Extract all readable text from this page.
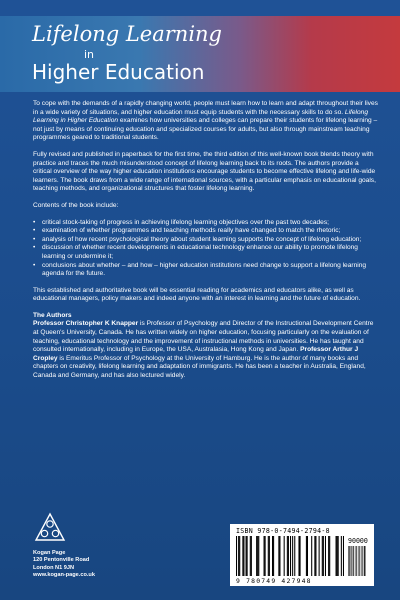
Lifelong Learning
in
Higher Education

To cope with the demands of a rapidly changing world, people must learn how to learn and adapt throughout their lives in a wide variety of situations, and higher education must equip students with the necessary skills to do so. Lifelong Learning in Higher Education examines how universities and colleges can prepare their students for lifelong learning – not just by means of continuing education and specialized courses for adults, but also through mainstream teaching programmes geared to traditional students.

Fully revised and published in paperback for the first time, the third edition of this well-known book blends theory with practice and traces the much misunderstood concept of lifelong learning back to its roots. The authors provide a critical overview of the way higher education institutions encourage students to become effective lifelong and life-wide learners. The book draws from a wide range of international sources, with a particular emphasis on educational goals, teaching methods, and organizational structures that foster lifelong learning.

Contents of the book include:

• critical stock-taking of progress in achieving lifelong learning objectives over the past two decades;
• examination of whether programmes and teaching methods really have changed to match the rhetoric;
• analysis of how recent psychological theory about student learning supports the concept of lifelong education;
• discussion of whether recent developments in educational technology enhance our ability to promote lifelong learning or undermine it;
• conclusions about whether – and how – higher education institutions need change to support a lifelong learning agenda for the future.

This established and authoritative book will be essential reading for academics and educators alike, as well as educational managers, policy makers and indeed anyone with an interest in learning and the future of education.

The Authors

Professor Christopher K Knapper is Professor of Psychology and Director of the Instructional Development Centre at Queen's University, Canada. He has written widely on higher education, focusing particularly on the evaluation of teaching, educational technology and the improvement of instructional methods in universities. He has taught and consulted internationally, including in Europe, the USA, Australasia, Hong Kong and Japan. Professor Arthur J Cropley is Emeritus Professor of Psychology at the University of Hamburg. He is the author of many books and chapters on creativity, lifelong learning and adaptation of immigrants. He has been a teacher in Australia, England, Canada and Germany, and has also lectured widely.

Kogan Page
120 Pentonville Road
London N1 9JN
www.kogan-page.co.uk
ISBN 978-0-7494-2794-8
90000
9 780749 427948
